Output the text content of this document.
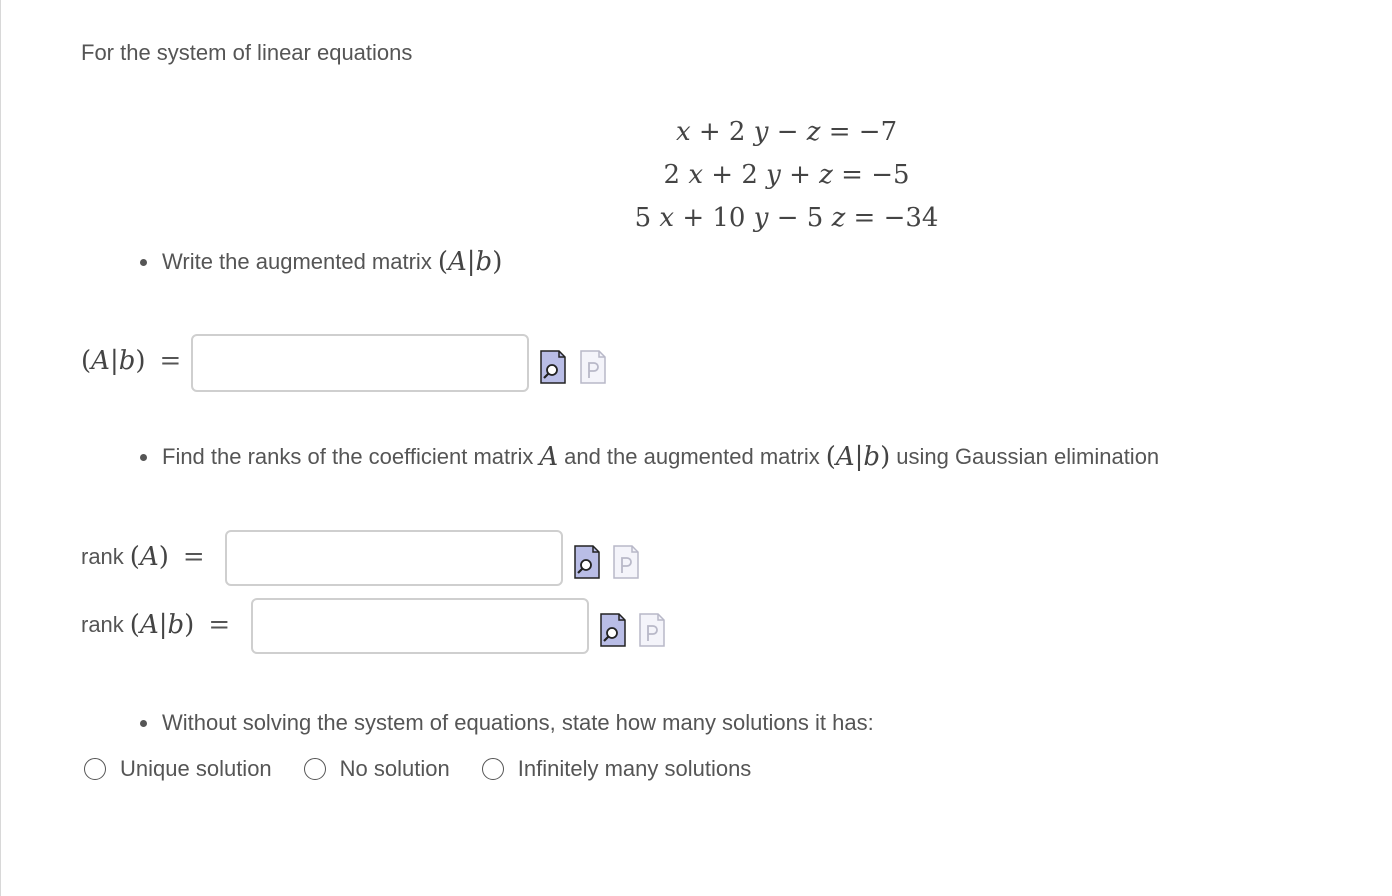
For the system of linear equations

x + 2 y − z = −7

2 x + 2 y + z = −5

5 x + 10 y − 5 z = −34

Write the augmented matrix (A|b)
(A|b) =
Find the ranks of the coefficient matrix A and the augmented matrix (A|b) using Gaussian elimination
rank (A) =
rank (A|b) =
Without solving the system of equations, state how many solutions it has:
Unique solution	No solution	Infinitely many solutions
